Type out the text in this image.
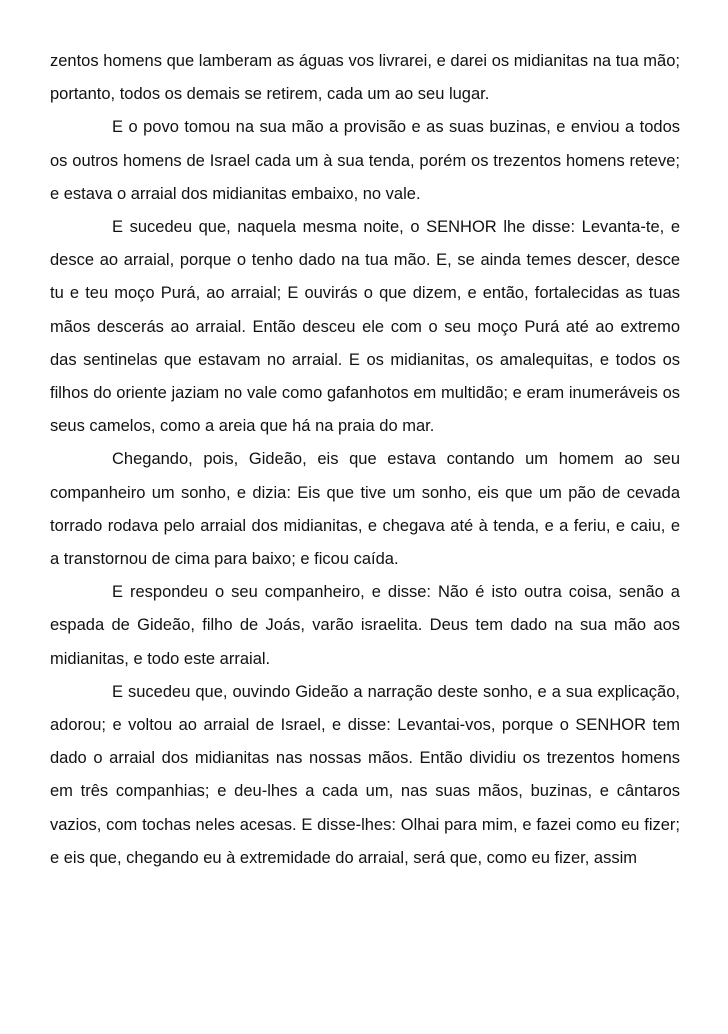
zentos homens que lamberam as águas vos livrarei, e darei os midianitas na tua mão; portanto, todos os demais se retirem, cada um ao seu lugar.

E o povo tomou na sua mão a provisão e as suas buzinas, e enviou a todos os outros homens de Israel cada um à sua tenda, porém os trezentos homens reteve; e estava o arraial dos midianitas embaixo, no vale.

E sucedeu que, naquela mesma noite, o SENHOR lhe disse: Levanta-te, e desce ao arraial, porque o tenho dado na tua mão. E, se ainda temes descer, desce tu e teu moço Purá, ao arraial; E ouvirás o que dizem, e então, fortalecidas as tuas mãos descerás ao arraial. Então desceu ele com o seu moço Purá até ao extremo das sentinelas que estavam no arraial. E os midianitas, os amalequitas, e todos os filhos do oriente jaziam no vale como gafanhotos em multidão; e eram inumeráveis os seus camelos, como a areia que há na praia do mar.

Chegando, pois, Gideão, eis que estava contando um homem ao seu companheiro um sonho, e dizia: Eis que tive um sonho, eis que um pão de cevada torrado rodava pelo arraial dos midianitas, e chegava até à tenda, e a feriu, e caiu, e a transtornou de cima para baixo; e ficou caída.

E respondeu o seu companheiro, e disse: Não é isto outra coisa, senão a espada de Gideão, filho de Joás, varão israelita. Deus tem dado na sua mão aos midianitas, e todo este arraial.

E sucedeu que, ouvindo Gideão a narração deste sonho, e a sua explicação, adorou; e voltou ao arraial de Israel, e disse: Levantai-vos, porque o SENHOR tem dado o arraial dos midianitas nas nossas mãos. Então dividiu os trezentos homens em três companhias; e deu-lhes a cada um, nas suas mãos, buzinas, e cântaros vazios, com tochas neles acesas. E disse-lhes: Olhai para mim, e fazei como eu fizer; e eis que, chegando eu à extremidade do arraial, será que, como eu fizer, assim
